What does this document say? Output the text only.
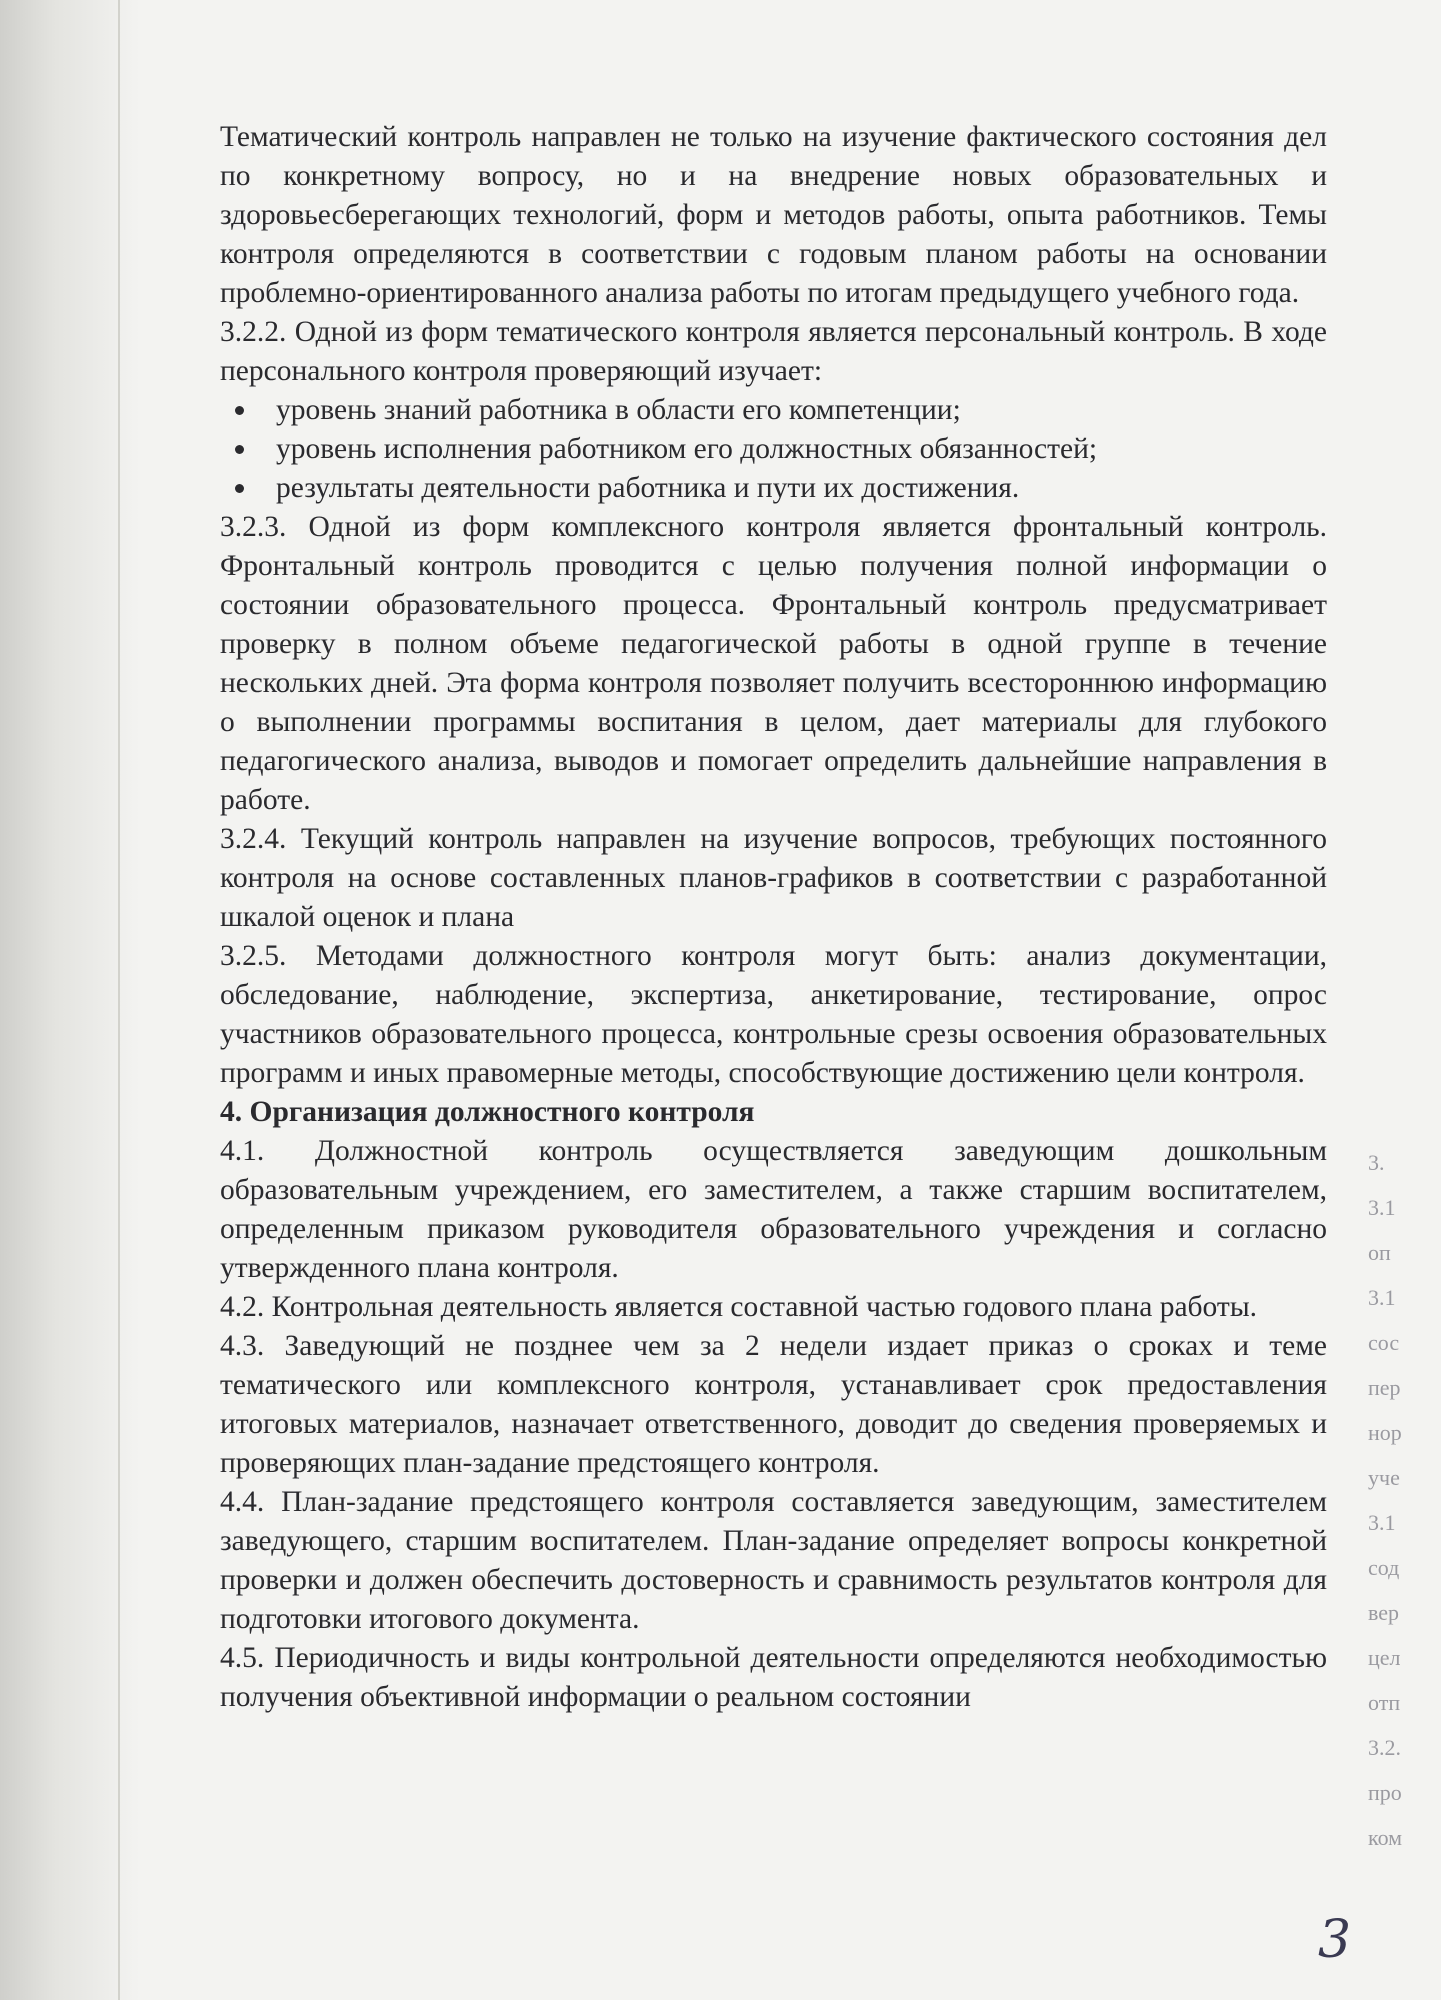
3.
3.1
оп
3.1
сос
пер
нор
уче
3.1
сод
вер
цел
отп
3.2.
про
ком

Тематический контроль направлен не только на изучение фактического состояния дел по конкретному вопросу, но и на внедрение новых образовательных и здоровьесберегающих технологий, форм и методов работы, опыта работников. Темы контроля определяются в соответствии с годовым планом работы на основании проблемно-ориентированного анализа работы по итогам предыдущего учебного года.

3.2.2. Одной из форм тематического контроля является персональный контроль. В ходе персонального контроля проверяющий изучает:

уровень знаний работника в области его компетенции;
уровень исполнения работником его должностных обязанностей;
результаты деятельности работника и пути их достижения.

3.2.3. Одной из форм комплексного контроля является фронтальный контроль. Фронтальный контроль проводится с целью получения полной информации о состоянии образовательного процесса. Фронтальный контроль предусматривает проверку в полном объеме педагогической работы в одной группе в течение нескольких дней. Эта форма контроля позволяет получить всестороннюю информацию о выполнении программы воспитания в целом, дает материалы для глубокого педагогического анализа, выводов и помогает определить дальнейшие направления в работе.

3.2.4. Текущий контроль направлен на изучение вопросов, требующих постоянного контроля на основе составленных планов-графиков в соответствии с разработанной шкалой оценок и плана

3.2.5. Методами должностного контроля могут быть: анализ документации, обследование, наблюдение, экспертиза, анкетирование, тестирование, опрос участников образовательного процесса, контрольные срезы освоения образовательных программ и иных правомерные методы, способствующие достижению цели контроля.

4. Организация должностного контроля

4.1. Должностной контроль осуществляется заведующим дошкольным образовательным учреждением, его заместителем, а также старшим воспитателем, определенным приказом руководителя образовательного учреждения и согласно утвержденного плана контроля.

4.2. Контрольная деятельность является составной частью годового плана работы.

4.3. Заведующий не позднее чем за 2 недели издает приказ о сроках и теме тематического или комплексного контроля, устанавливает срок предоставления итоговых материалов, назначает ответственного, доводит до сведения проверяемых и проверяющих план-задание предстоящего контроля.

4.4. План-задание предстоящего контроля составляется заведующим, заместителем заведующего, старшим воспитателем. План-задание определяет вопросы конкретной проверки и должен обеспечить достоверность и сравнимость результатов контроля для подготовки итогового документа.

4.5. Периодичность и виды контрольной деятельности определяются необходимостью получения объективной информации о реальном состоянии

3
